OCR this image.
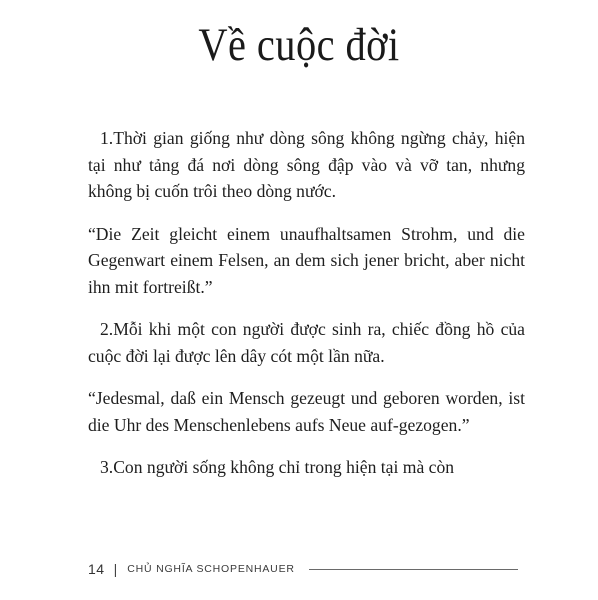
Về cuộc đời

1.Thời gian giống như dòng sông không ngừng chảy, hiện tại như tảng đá nơi dòng sông đập vào và vỡ tan, nhưng không bị cuốn trôi theo dòng nước.

“Die Zeit gleicht einem unaufhaltsamen Strohm, und die Gegenwart einem Felsen, an dem sich jener bricht, aber nicht ihn mit fortreißt.”

2.Mỗi khi một con người được sinh ra, chiếc đồng hồ của cuộc đời lại được lên dây cót một lần nữa.

“Jedesmal, daß ein Mensch gezeugt und geboren worden, ist die Uhr des Menschenlebens aufs Neue auf-gezogen.”

3.Con người sống không chỉ trong hiện tại mà còn

14 | CHỦ NGHĨA SCHOPENHAUER
